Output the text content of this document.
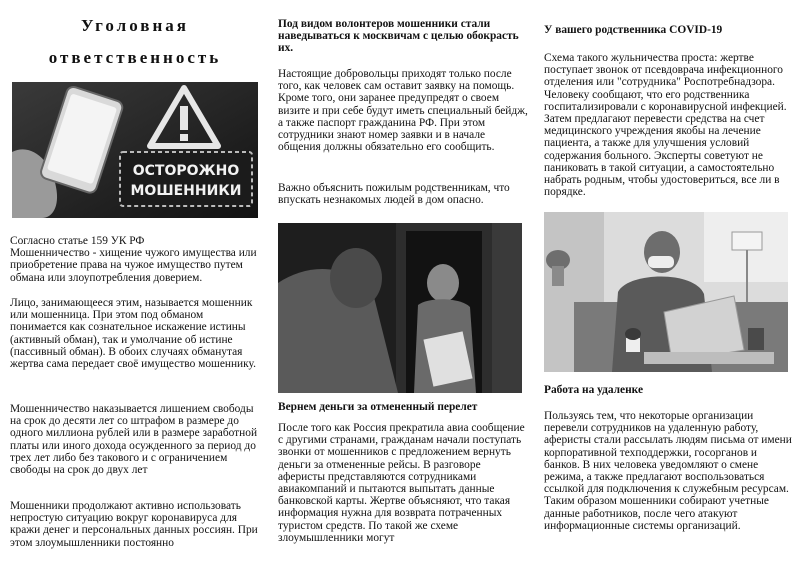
Уголовная
ответственность
ОСТОРОЖНО
МОШЕННИКИ

Согласно статье 159 УК РФ
Мошенничество - хищение чужого имущества или приобретение права на чужое имущество путем обмана или злоупотребления доверием.

Лицо, занимающееся этим, называется мошенник или мошенница. При этом под обманом понимается как сознательное искажение истины (активный обман), так и умолчание об истине (пассивный обман). В обоих случаях обманутая жертва сама передает своё имущество мошеннику.

Мошенничество наказывается лишением свободы на срок до десяти лет со штрафом в размере до одного миллиона рублей или в размере заработной платы или иного дохода осужденного за период до трех лет либо без такового и с ограничением свободы на срок до двух лет

Мошенники продолжают активно использовать непростую ситуацию вокруг коронавируса для кражи денег и персональных данных россиян. При этом злоумышленники постоянно

Под видом волонтеров мошенники стали наведываться к москвичам с целью обокрасть их.

Настоящие добровольцы приходят только после того, как человек сам оставит заявку на помощь. Кроме того, они заранее предупредят о своем визите и при себе будут иметь специальный бейдж, а также паспорт гражданина РФ. При этом сотрудники знают номер заявки и в начале общения должны обязательно его сообщить.

Важно объяснить пожилым родственникам, что впускать незнакомых людей в дом опасно.

Вернем деньги за отмененный перелет

После того как Россия прекратила авиа сообщение с другими странами, гражданам начали поступать звонки от мошенников с предложением вернуть деньги за отмененные рейсы. В разговоре аферисты представляются сотрудниками авиакомпаний и пытаются выпытать данные банковской карты. Жертве объясняют, что такая информация нужна для возврата потраченных туристом средств. По такой же схеме злоумышленники могут

У вашего родственника COVID-19

Схема такого жульничества проста: жертве поступает звонок от псевдоврача инфекционного отделения или "сотрудника" Роспотребнадзора. Человеку сообщают, что его родственника госпитализировали с коронавирусной инфекцией. Затем предлагают перевести средства на счет медицинского учреждения якобы на лечение пациента, а также для улучшения условий содержания больного. Эксперты советуют не паниковать в такой ситуации, а самостоятельно набрать родным, чтобы удостовериться, все ли в порядке.

Работа на удаленке

Пользуясь тем, что некоторые организации перевели сотрудников на удаленную работу, аферисты стали рассылать людям письма от имени корпоративной техподдержки, госорганов и банков. В них человека уведомляют о смене режима, а также предлагают воспользоваться ссылкой для подключения к служебным ресурсам. Таким образом мошенники собирают учетные данные работников, после чего атакуют информационные системы организаций.
